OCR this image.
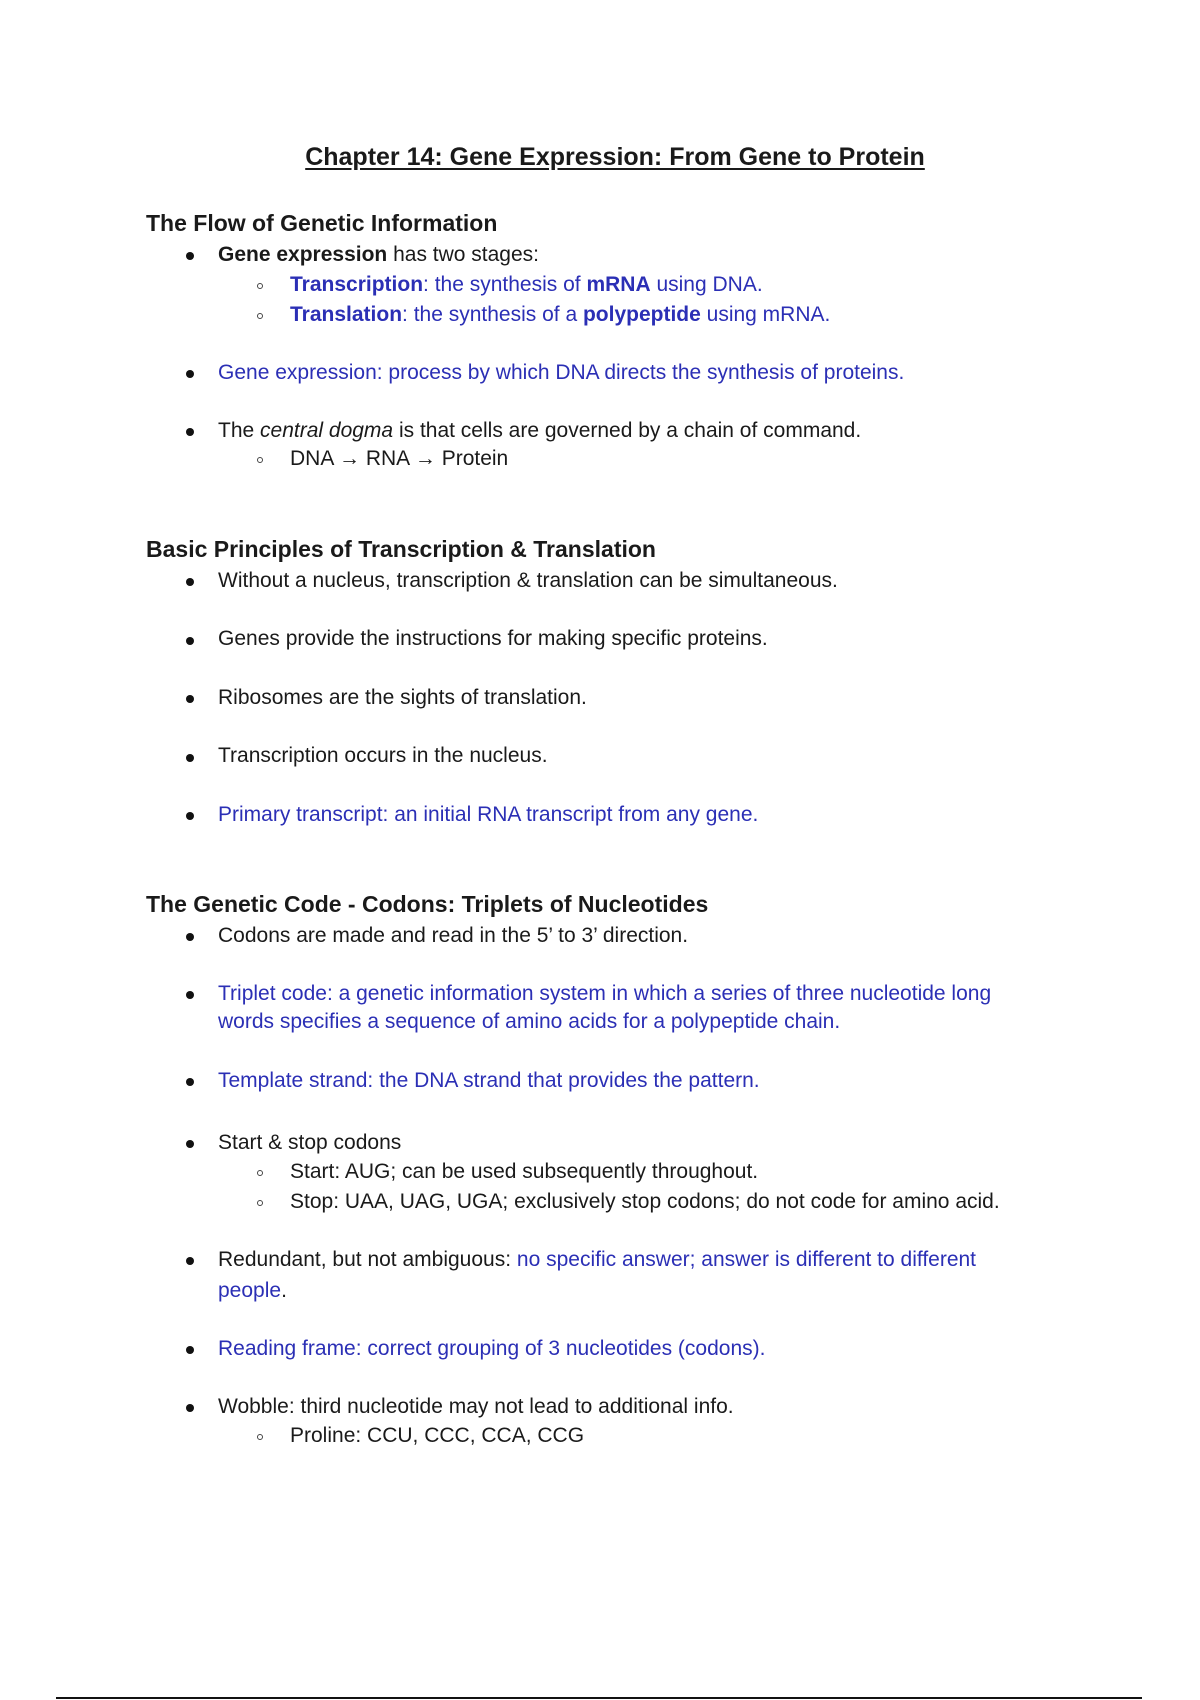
Chapter 14: Gene Expression: From Gene to Protein
The Flow of Genetic Information
Gene expression has two stages:
Transcription: the synthesis of mRNA using DNA.
Translation: the synthesis of a polypeptide using mRNA.
Gene expression: process by which DNA directs the synthesis of proteins.
The central dogma is that cells are governed by a chain of command.
DNA → RNA → Protein
Basic Principles of Transcription & Translation
Without a nucleus, transcription & translation can be simultaneous.
Genes provide the instructions for making specific proteins.
Ribosomes are the sights of translation.
Transcription occurs in the nucleus.
Primary transcript: an initial RNA transcript from any gene.
The Genetic Code - Codons: Triplets of Nucleotides
Codons are made and read in the 5’ to 3’ direction.
Triplet code: a genetic information system in which a series of three nucleotide long
words specifies a sequence of amino acids for a polypeptide chain.
Template strand: the DNA strand that provides the pattern.
Start & stop codons
Start: AUG; can be used subsequently throughout.
Stop: UAA, UAG, UGA; exclusively stop codons; do not code for amino acid.
Redundant, but not ambiguous: no specific answer; answer is different to different
people.
Reading frame: correct grouping of 3 nucleotides (codons).
Wobble: third nucleotide may not lead to additional info.
Proline: CCU, CCC, CCA, CCG
